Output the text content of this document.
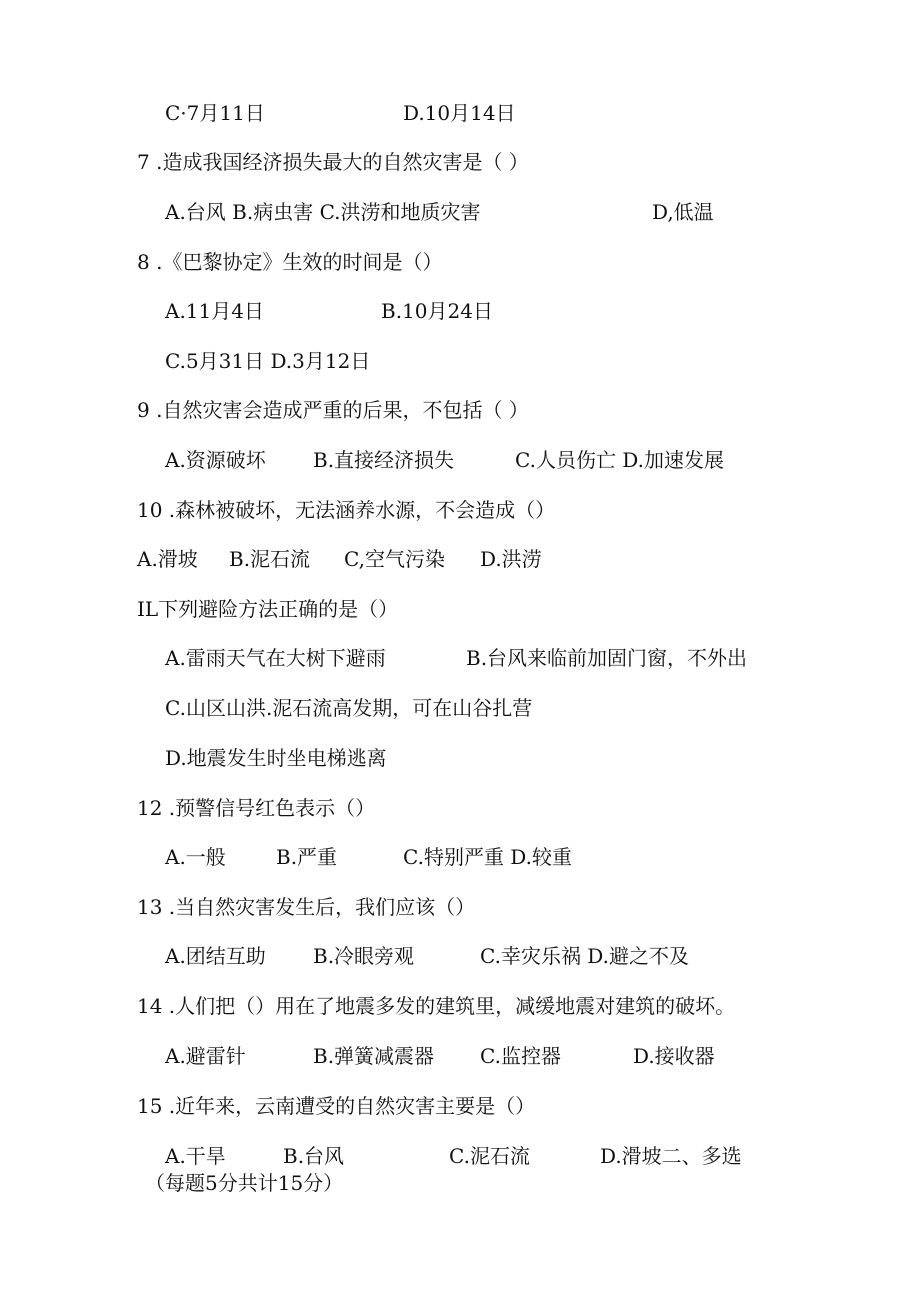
C·7月11日	D.10月14日
7 .造成我国经济损失最大的自然灾害是（ ）
A.台风 B.病虫害 C.洪涝和地质灾害	D,低温
8 .《巴黎协定》生效的时间是（）
A.11月4日	B.10月24日
C.5月31日 D.3月12日
9 .自然灾害会造成严重的后果，不包括（ ）
A.资源破坏 B.直接经济损失	C.人员伤亡 D.加速发展
10 .森林被破坏，无法涵养水源，不会造成（）
A.滑坡 B.泥石流 C,空气污染 D.洪涝
IL下列避险方法正确的是（）
A.雷雨天气在大树下避雨	B.台风来临前加固门窗，不外出
C.山区山洪.泥石流高发期，可在山谷扎营
D.地震发生时坐电梯逃离
12 .预警信号红色表示（）
A.一般	B.严重	C.特别严重 D.较重
13 .当自然灾害发生后，我们应该（）
A.团结互助 B.冷眼旁观	C.幸灾乐祸 D.避之不及
14 .人们把（）用在了地震多发的建筑里，减缓地震对建筑的破坏。
A.避雷针	B.弹簧减震器 C.监控器	D.接收器
15 .近年来，云南遭受的自然灾害主要是（）
A.干旱	B.台风	C.泥石流	D.滑坡二、多选
（每题5分共计15分）
